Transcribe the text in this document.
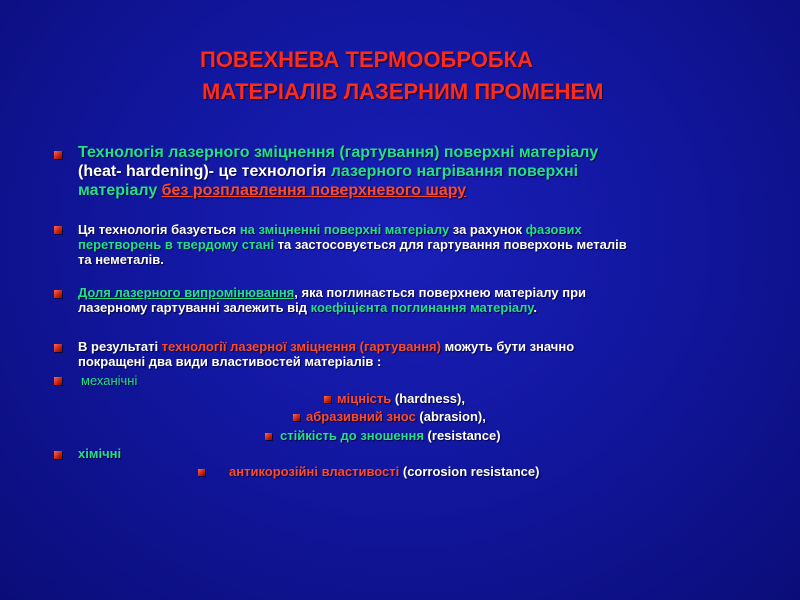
ПОВЕХНЕВА ТЕРМООБРОБКА
МАТЕРІАЛІВ ЛАЗЕРНИМ ПРОМЕНЕМ
Технологія лазерного зміцнення (гартування) поверхні матеріалу
(heat- hardening)- це технологія лазерного нагрівання поверхні
матеріалу без розплавлення поверхневого шару
Ця технологія базується на зміцненні поверхні матеріалу за рахунок фазових
перетворень в твердому стані та застосовується для гартування поверхонь металів
та неметалів.
Доля лазерного випромінювання, яка поглинається поверхнею матеріалу при
лазерному гартуванні залежить від коефіцієнта поглинання матеріалу.
В результаті технології лазерної зміцнення (гартування) можуть бути значно
покращені два види властивостей матеріалів :
механічні
міцність (hardness),
абразивний знос (abrasion),
стійкість до зношення (resistance)
хімічні
антикорозійні властивості (corrosion resistance)
